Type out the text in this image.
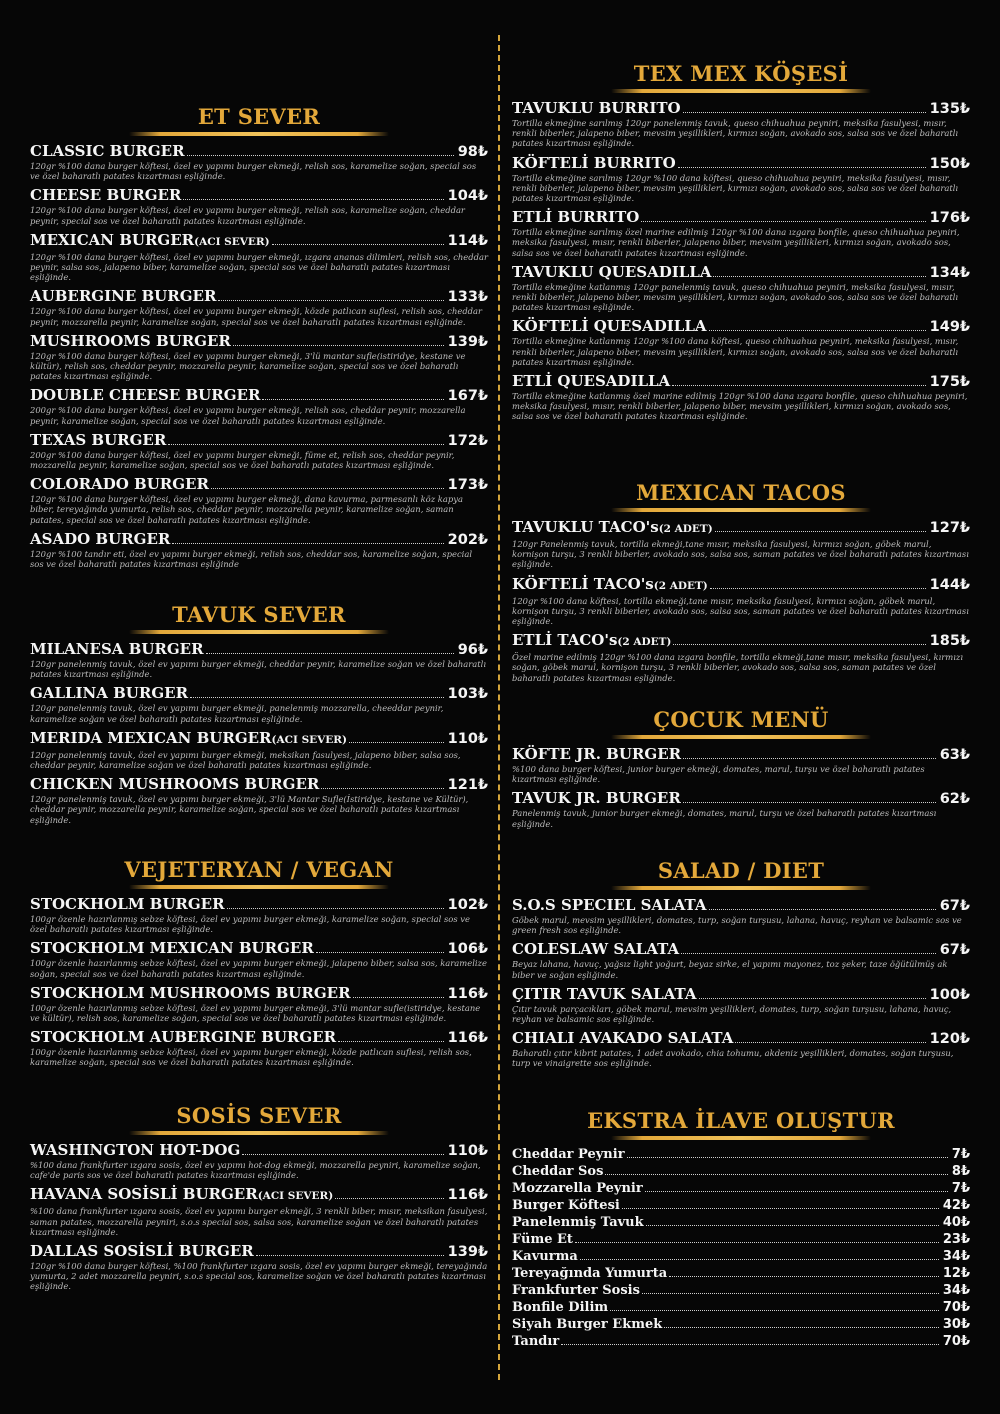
ET SEVER
CLASSIC BURGER	98₺
120gr %100 dana burger köftesi, özel ev yapımı burger ekmeği, relish sos, karamelize soğan, special sos ve özel baharatlı patates kızartması eşliğinde.
CHEESE BURGER	104₺
120gr %100 dana burger köftesi, özel ev yapımı burger ekmeği, relish sos, karamelize soğan, cheddar peynir, special sos ve özel baharatlı patates kızartması eşliğinde.
MEXICAN BURGER(ACI SEVER)	114₺
120gr %100 dana burger köftesi, özel ev yapımı burger ekmeği, ızgara ananas dilimleri, relish sos, cheddar peynir, salsa sos, jalapeno biber, karamelize soğan, special sos ve özel baharatlı patates kızartması eşliğinde.
AUBERGINE BURGER	133₺
120gr %100 dana burger köftesi, özel ev yapımı burger ekmeği, közde patlıcan suflesi, relish sos, cheddar peynir, mozzarella peynir, karamelize soğan, special sos ve özel baharatlı patates kızartması eşliğinde.
MUSHROOMS BURGER	139₺
120gr %100 dana burger köftesi, özel ev yapımı burger ekmeği, 3'lü mantar sufle(istiridye, kestane ve kültür), relish sos, cheddar peynir, mozzarella peynir, karamelize soğan, special sos ve özel baharatlı patates kızartması eşliğinde.
DOUBLE CHEESE BURGER	167₺
200gr %100 dana burger köftesi, özel ev yapımı burger ekmeği, relish sos, cheddar peynir, mozzarella peynir, karamelize soğan, special sos ve özel baharatlı patates kızartması eşliğinde.
TEXAS BURGER	172₺
200gr %100 dana burger köftesi, özel ev yapımı burger ekmeği, füme et, relish sos, cheddar peynir, mozzarella peynir, karamelize soğan, special sos ve özel baharatlı patates kızartması eşliğinde.
COLORADO BURGER	173₺
120gr %100 dana burger köftesi, özel ev yapımı burger ekmeği, dana kavurma, parmesanlı köz kapya biber, tereyağında yumurta, relish sos, cheddar peynir, mozzarella peynir, karamelize soğan, saman patates, special sos ve özel baharatlı patates kızartması eşliğinde.
ASADO BURGER	202₺
120gr %100 tandır eti, özel ev yapımı burger ekmeği, relish sos, cheddar sos, karamelize soğan, special sos ve özel baharatlı patates kızartması eşliğinde
TAVUK SEVER
MILANESA BURGER	96₺
120gr panelenmiş tavuk, özel ev yapımı burger ekmeği, cheddar peynir, karamelize soğan ve özel baharatlı patates kızartması eşliğinde.
GALLINA BURGER	103₺
120gr panelenmiş tavuk, özel ev yapımı burger ekmeği, panelenmiş mozzarella, cheeddar peynir, karamelize soğan ve özel baharatlı patates kızartması eşliğinde.
MERIDA MEXICAN BURGER(ACI SEVER)	110₺
120gr panelenmiş tavuk, özel ev yapımı burger ekmeği, meksikan fasulyesi, jalapeno biber, salsa sos, cheddar peynir, karamelize soğan ve özel baharatlı patates kızartması eşliğinde.
CHICKEN MUSHROOMS BURGER	121₺
120gr panelenmiş tavuk, özel ev yapımı burger ekmeği, 3'lü Mantar Sufle(İstiridye, kestane ve Kültür), cheddar peynir, mozzarella peynir, karamelize soğan, special sos ve özel baharatlı patates kızartması eşliğinde.
VEJETERYAN / VEGAN
STOCKHOLM BURGER	102₺
100gr özenle hazırlanmış sebze köftesi, özel ev yapımı burger ekmeği, karamelize soğan, special sos ve özel baharatlı patates kızartması eşliğinde.
STOCKHOLM MEXICAN BURGER	106₺
100gr özenle hazırlanmış sebze köftesi, özel ev yapımı burger ekmeği, jalapeno biber, salsa sos, karamelize soğan, special sos ve özel baharatlı patates kızartması eşliğinde.
STOCKHOLM MUSHROOMS BURGER	116₺
100gr özenle hazırlanmış sebze köftesi, özel ev yapımı burger ekmeği, 3'lü mantar sufle(istiridye, kestane ve kültür), relish sos, karamelize soğan, special sos ve özel baharatlı patates kızartması eşliğinde.
STOCKHOLM AUBERGINE BURGER	116₺
100gr özenle hazırlanmış sebze köftesi, özel ev yapımı burger ekmeği, közde patlıcan suflesi, relish sos, karamelize soğan, special sos ve özel baharatlı patates kızartması eşliğinde.
SOSİS SEVER
WASHINGTON HOT-DOG	110₺
%100 dana frankfurter ızgara sosis, özel ev yapımı hot-dog ekmeği, mozzarella peyniri, karamelize soğan, cafe'de paris sos ve özel baharatlı patates kızartması eşliğinde.
HAVANA SOSİSLİ BURGER(ACI SEVER)	116₺
%100 dana frankfurter ızgara sosis, özel ev yapımı burger ekmeği, 3 renkli biber, mısır, meksikan fasulyesi, saman patates, mozzarella peyniri, s.o.s special sos, salsa sos, karamelize soğan ve özel baharatlı patates kızartması eşliğinde.
DALLAS SOSİSLİ BURGER	139₺
120gr %100 dana burger köftesi, %100 frankfurter ızgara sosis, özel ev yapımı burger ekmeği, tereyağında yumurta, 2 adet mozzarella peyniri, s.o.s special sos, karamelize soğan ve özel baharatlı patates kızartması eşliğinde.
TEX MEX KÖŞESİ
TAVUKLU BURRITO	135₺
Tortilla ekmeğine sarılmış 120gr panelenmiş tavuk, queso chihuahua peyniri, meksika fasulyesi, mısır, renkli biberler, jalapeno biber, mevsim yeşillikleri, kırmızı soğan, avokado sos, salsa sos ve özel baharatlı patates kızartması eşliğinde.
KÖFTELİ BURRITO	150₺
Tortilla ekmeğine sarılmış 120gr %100 dana köftesi, queso chihuahua peyniri, meksika fasulyesi, mısır, renkli biberler, jalapeno biber, mevsim yeşillikleri, kırmızı soğan, avokado sos, salsa sos ve özel baharatlı patates kızartması eşliğinde.
ETLİ BURRITO	176₺
Tortilla ekmeğine sarılmış özel marine edilmiş 120gr %100 dana ızgara bonfile, queso chihuahua peyniri, meksika fasulyesi, mısır, renkli biberler, jalapeno biber, mevsim yeşillikleri, kırmızı soğan, avokado sos, salsa sos ve özel baharatlı patates kızartması eşliğinde.
TAVUKLU QUESADILLA	134₺
Tortilla ekmeğine katlanmış 120gr panelenmiş tavuk, queso chihuahua peyniri, meksika fasulyesi, mısır, renkli biberler, jalapeno biber, mevsim yeşillikleri, kırmızı soğan, avokado sos, salsa sos ve özel baharatlı patates kızartması eşliğinde.
KÖFTELİ QUESADILLA	149₺
Tortilla ekmeğine katlanmış 120gr %100 dana köftesi, queso chihuahua peyniri, meksika fasulyesi, mısır, renkli biberler, jalapeno biber, mevsim yeşillikleri, kırmızı soğan, avokado sos, salsa sos ve özel baharatlı patates kızartması eşliğinde.
ETLİ QUESADILLA	175₺
Tortilla ekmeğine katlanmış özel marine edilmiş 120gr %100 dana ızgara bonfile, queso chihuahua peyniri, meksika fasulyesi, mısır, renkli biberler, jalapeno biber, mevsim yeşillikleri, kırmızı soğan, avokado sos, salsa sos ve özel baharatlı patates kızartması eşliğinde.
MEXICAN TACOS
TAVUKLU TACO's(2 ADET)	127₺
120gr Panelenmiş tavuk, tortilla ekmeği,tane mısır, meksika fasulyesi, kırmızı soğan, göbek marul, kornişon turşu, 3 renkli biberler, avokado sos, salsa sos, saman patates ve özel baharatlı patates kızartması eşliğinde.
KÖFTELİ TACO's(2 ADET)	144₺
120gr %100 dana köftesi, tortilla ekmeği,tane mısır, meksika fasulyesi, kırmızı soğan, göbek marul, kornişon turşu, 3 renkli biberler, avokado sos, salsa sos, saman patates ve özel baharatlı patates kızartması eşliğinde.
ETLİ TACO's(2 ADET)	185₺
Özel marine edilmiş 120gr %100 dana ızgara bonfile, tortilla ekmeği,tane mısır, meksika fasulyesi, kırmızı soğan, göbek marul, kornişon turşu, 3 renkli biberler, avokado sos, salsa sos, saman patates ve özel baharatlı patates kızartması eşliğinde.
ÇOCUK MENÜ
KÖFTE JR. BURGER	63₺
%100 dana burger köftesi, junior burger ekmeği, domates, marul, turşu ve özel baharatlı patates kızartması eşliğinde.
TAVUK JR. BURGER	62₺
Panelenmiş tavuk, junior burger ekmeği, domates, marul, turşu ve özel baharatlı patates kızartması eşliğinde.
SALAD / DIET
S.O.S SPECIEL SALATA	67₺
Göbek marul, mevsim yeşillikleri, domates, turp, soğan turşusu, lahana, havuç, reyhan ve balsamic sos ve green fresh sos eşliğinde.
COLESLAW SALATA	67₺
Beyaz lahana, havuç, yağsız light yoğurt, beyaz sirke, el yapımı mayonez, toz şeker, taze öğütülmüş ak biber ve soğan eşliğinde.
ÇITIR TAVUK SALATA	100₺
Çıtır tavuk parçacıkları, göbek marul, mevsim yeşillikleri, domates, turp, soğan turşusu, lahana, havuç, reyhan ve balsamic sos eşliğinde.
CHIALI AVAKADO SALATA	120₺
Baharatlı çıtır kibrit patates, 1 adet avokado, chia tohumu, akdeniz yeşillikleri, domates, soğan turşusu, turp ve vinaigrette sos eşliğinde.
EKSTRA İLAVE OLUŞTUR
Cheddar Peynir	7₺
Cheddar Sos	8₺
Mozzarella Peynir	7₺
Burger Köftesi	42₺
Panelenmiş Tavuk	40₺
Füme Et	23₺
Kavurma	34₺
Tereyağında Yumurta	12₺
Frankfurter Sosis	34₺
Bonfile Dilim	70₺
Siyah Burger Ekmek	30₺
Tandır	70₺
